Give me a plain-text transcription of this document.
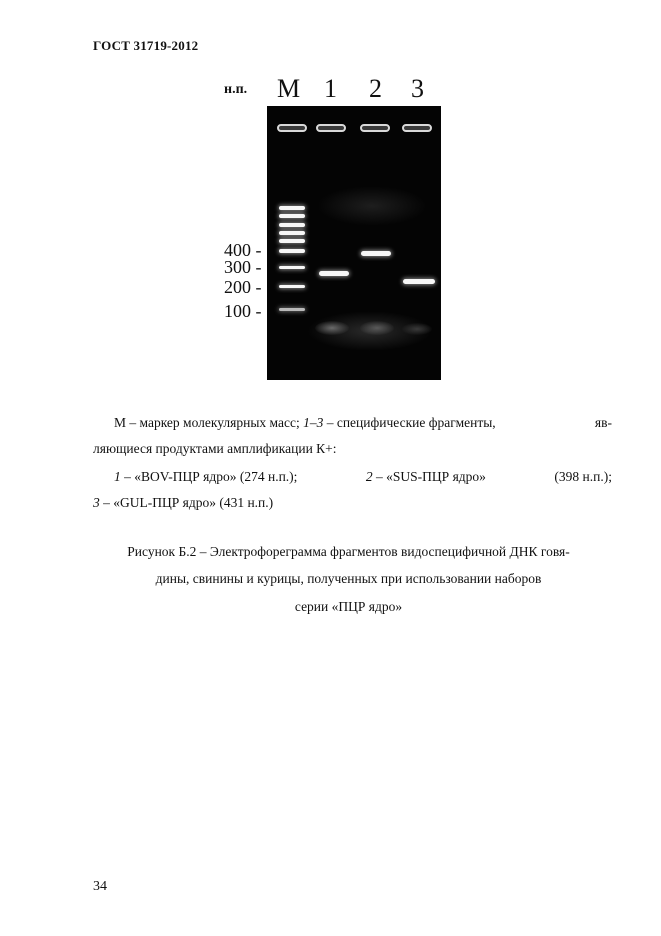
ГОСТ 31719-2012
н.п. M 1 2 3
400 -
300 -
200 -
100 -
М – маркер молекулярных масс; 1–3 – специфические фрагменты,	яв-
ляющиеся продуктами амплификации К+:
1 – «BOV-ПЦР ядро» (274 н.п.);	2 – «SUS-ПЦР ядро»	(398 н.п.);
3 – «GUL-ПЦР ядро» (431 н.п.)
Рисунок Б.2 – Электрофореграмма фрагментов видоспецифичной ДНК говя-
дины, свинины и курицы, полученных при использовании наборов
серии «ПЦР ядро»
34
